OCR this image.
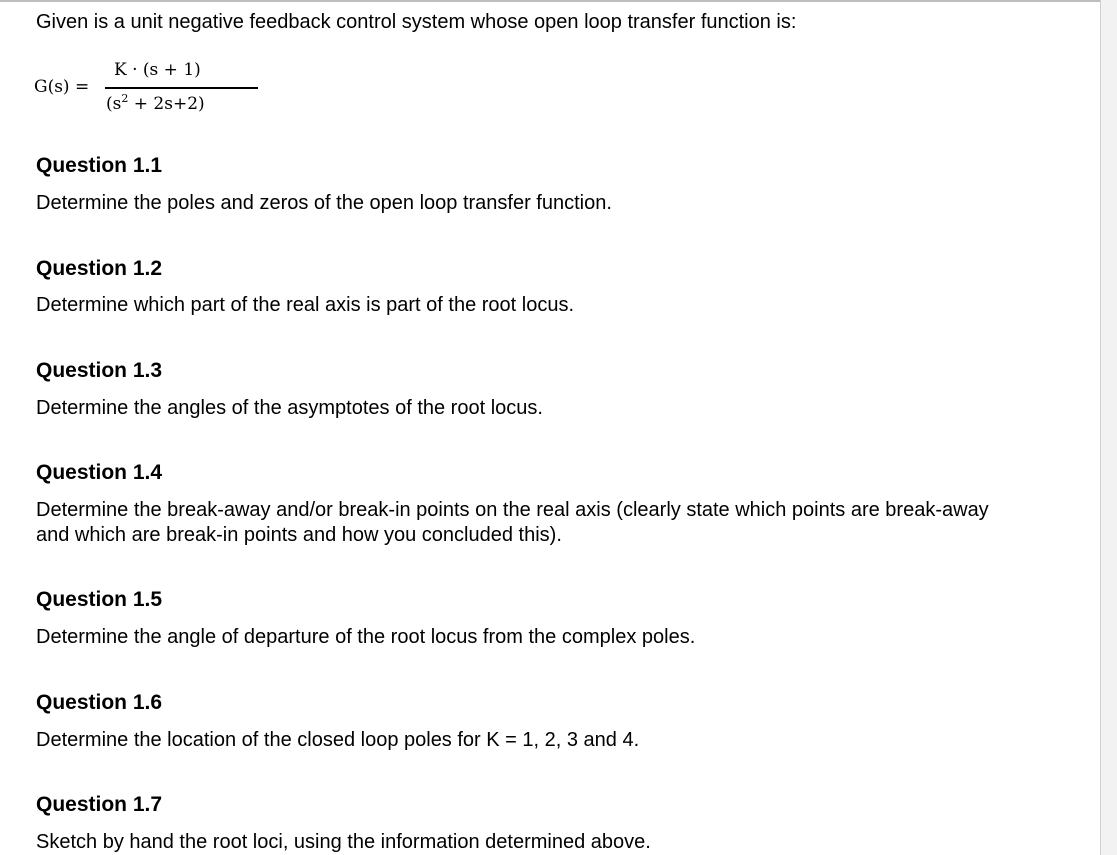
Given is a unit negative feedback control system whose open loop transfer function is:
G(s) =
K · (s + 1)
$(s^2 + 2s+2)$
Question 1.1
Determine the poles and zeros of the open loop transfer function.
Question 1.2
Determine which part of the real axis is part of the root locus.
Question 1.3
Determine the angles of the asymptotes of the root locus.
Question 1.4
Determine the break-away and/or break-in points on the real axis (clearly state which points are break-away and which are break-in points and how you concluded this).
Question 1.5
Determine the angle of departure of the root locus from the complex poles.
Question 1.6
Determine the location of the closed loop poles for K = 1, 2, 3 and 4.
Question 1.7
Sketch by hand the root loci, using the information determined above.
